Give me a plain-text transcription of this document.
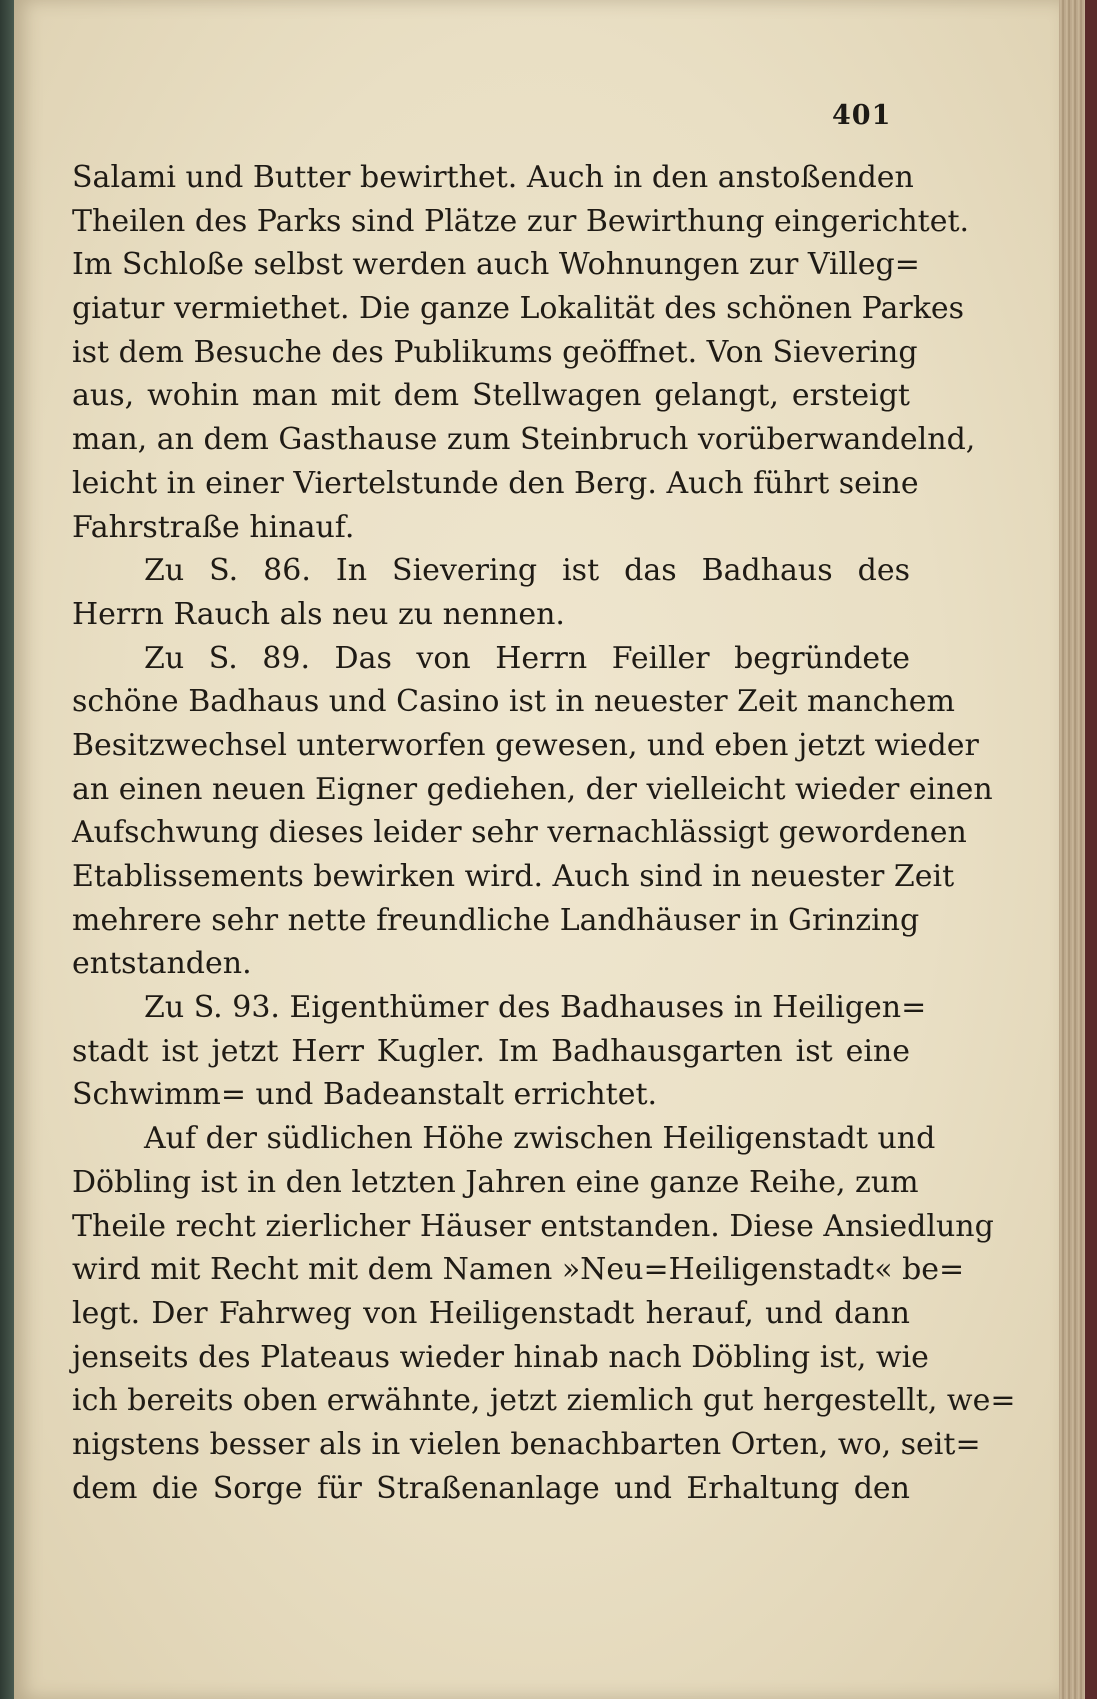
401
Salami und Butter bewirthet. Auch in den anstoßenden
Theilen des Parks sind Plätze zur Bewirthung eingerichtet.
Im Schloße selbst werden auch Wohnungen zur Villeg=
giatur vermiethet. Die ganze Lokalität des schönen Parkes
ist dem Besuche des Publikums geöffnet. Von Sievering
aus, wohin man mit dem Stellwagen gelangt, ersteigt
man, an dem Gasthause zum Steinbruch vorüberwandelnd,
leicht in einer Viertelstunde den Berg. Auch führt seine
Fahrstraße hinauf.
Zu S. 86. In Sievering ist das Badhaus des
Herrn Rauch als neu zu nennen.
Zu S. 89. Das von Herrn Feiller begründete
schöne Badhaus und Casino ist in neuester Zeit manchem
Besitzwechsel unterworfen gewesen, und eben jetzt wieder
an einen neuen Eigner gediehen, der vielleicht wieder einen
Aufschwung dieses leider sehr vernachlässigt gewordenen
Etablissements bewirken wird. Auch sind in neuester Zeit
mehrere sehr nette freundliche Landhäuser in Grinzing
entstanden.
Zu S. 93. Eigenthümer des Badhauses in Heiligen=
stadt ist jetzt Herr Kugler. Im Badhausgarten ist eine
Schwimm= und Badeanstalt errichtet.
Auf der südlichen Höhe zwischen Heiligenstadt und
Döbling ist in den letzten Jahren eine ganze Reihe, zum
Theile recht zierlicher Häuser entstanden. Diese Ansiedlung
wird mit Recht mit dem Namen »Neu=Heiligenstadt« be=
legt. Der Fahrweg von Heiligenstadt herauf, und dann
jenseits des Plateaus wieder hinab nach Döbling ist, wie
ich bereits oben erwähnte, jetzt ziemlich gut hergestellt, we=
nigstens besser als in vielen benachbarten Orten, wo, seit=
dem die Sorge für Straßenanlage und Erhaltung den
